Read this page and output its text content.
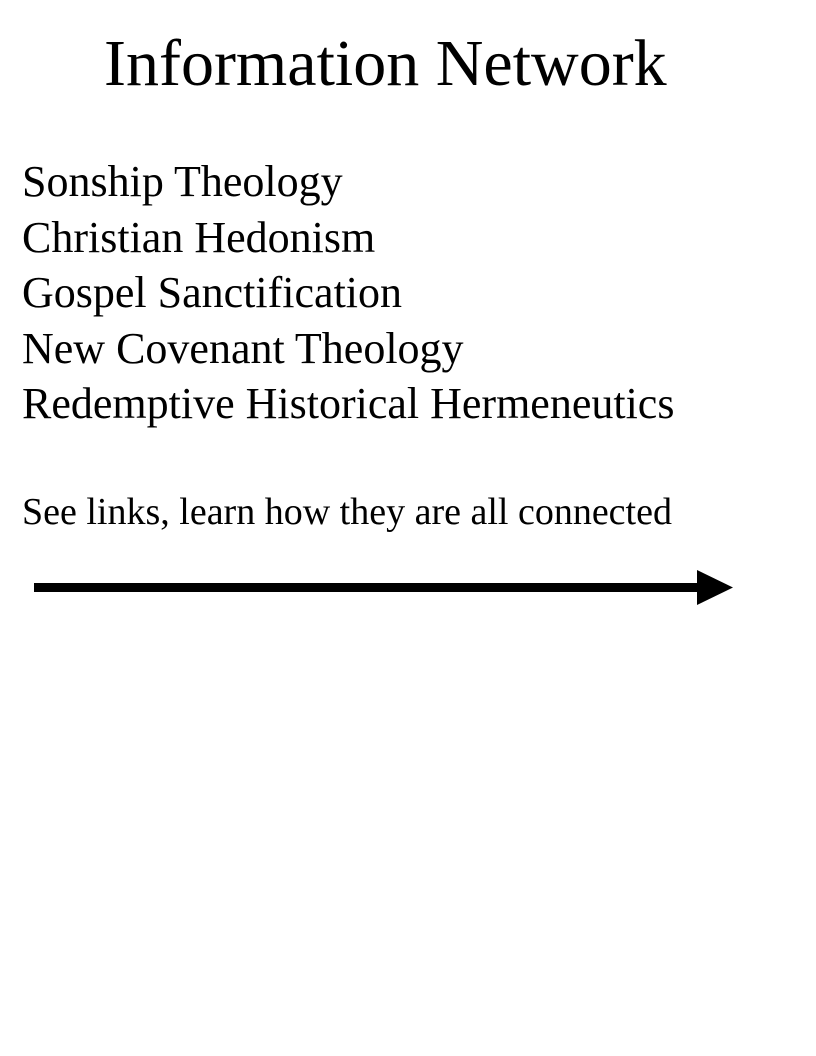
Information Network
Sonship Theology
Christian Hedonism
Gospel Sanctification
New Covenant Theology
Redemptive Historical Hermeneutics
See links, learn how they are all connected
